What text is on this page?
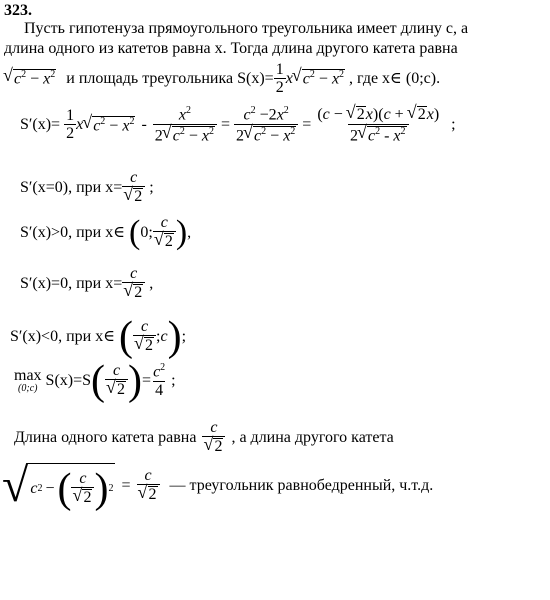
323.
Пусть гипотенуза прямоугольного треугольника имеет длину с, а
длина одного из катетов равна х. Тогда длина другого катета равна
√ $c^2 - x^2$ и площадь треугольника $S(x)= \frac{1}{2}$ x √ $c^2 - x^2$ , где x∈ (0;c).
$S'(x)= \frac{1}{2}$ x √ $c^2 - x^2 - \frac{x^2}{2 √ c^2 - x^2} = \frac{c^2 -2x^2}{2 √ c^2 - x^2} = \frac{(c - √ 2x)(c + √ 2x)}{2 √ c^2 - x^2}$ ;
S′(x=0), при x= c
√ 2 ;
S′(x)>0, при x∈ ( 0; c
√ 2 ) ,
S′(x)=0, при x= c
√ 2 ,
S′(x)<0, при x∈ ( c
√ 2 ;c ) ;
max
(0;c) S(x)=S ( c
√ 2 ) = $\frac{c^2}{4}$ ;
Длина одного катета равна c
√ 2 , а длина другого катета
√ c 2 − ( c
√ 2 ) 2 = c
√ 2 — треугольник равнобедренный, ч.т.д.
